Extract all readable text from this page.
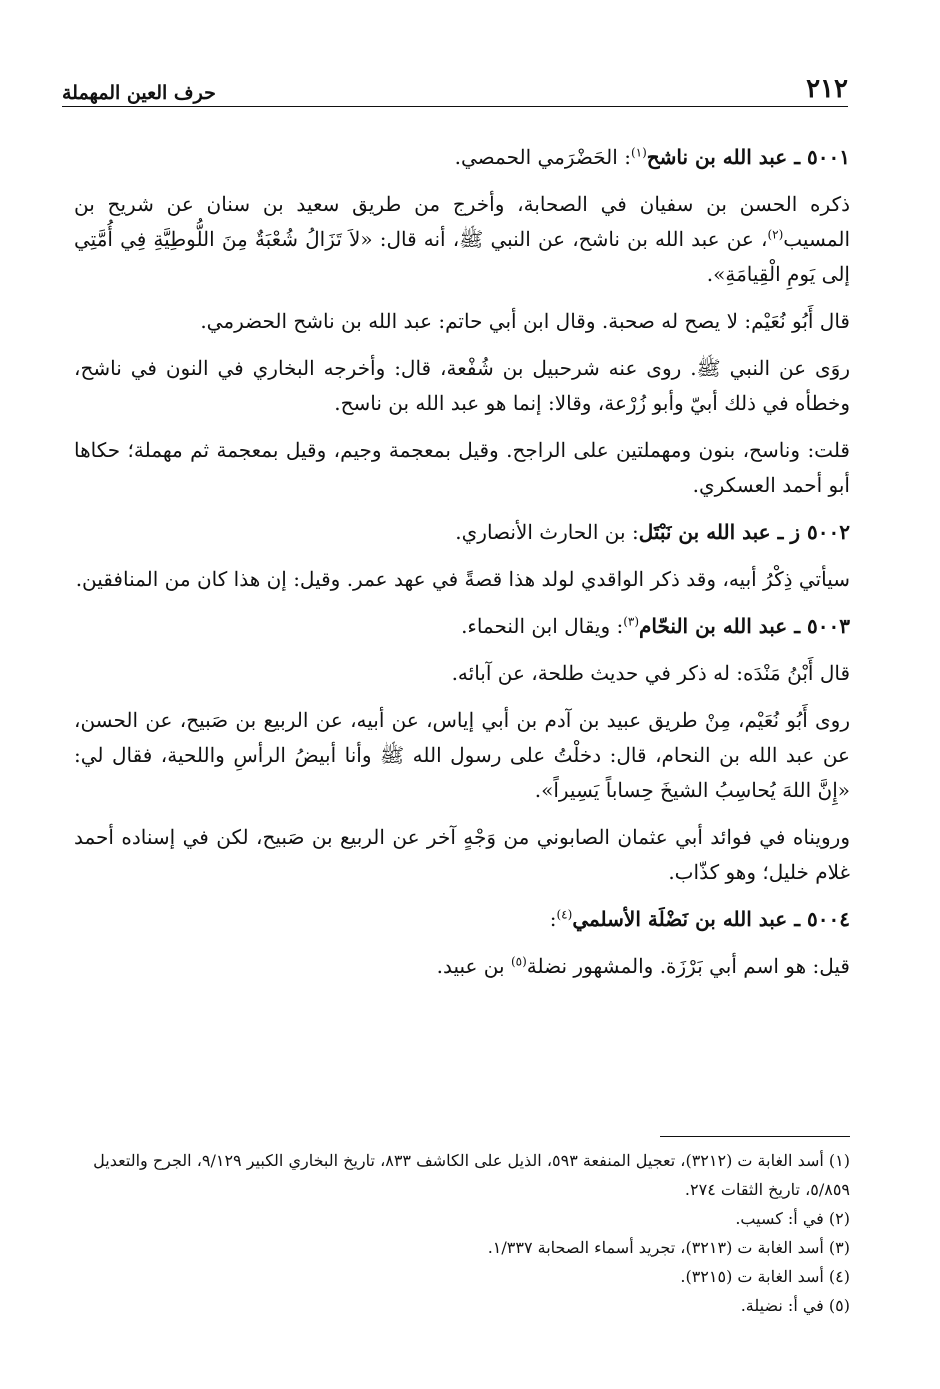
٢١٢
حرف العين المهملة

٥٠٠١ ـ عبد الله بن ناشح$^{(١)}$: الحَضْرَمي الحمصي.

ذكره الحسن بن سفيان في الصحابة، وأخرج من طريق سعيد بن سنان عن شريح بن المسيب$^{(٢)}$، عن عبد الله بن ناشح، عن النبي ﷺ، أنه قال: «لاَ تَزَالُ شُعْبَةٌ مِنَ اللُّوطِيَّةِ فِي أُمَّتِي إلى يَومِ الْقِيامَةِ».

قال أَبُو نُعَيْم: لا يصح له صحبة. وقال ابن أبي حاتم: عبد الله بن ناشح الحضرمي.

روَى عن النبي ﷺ. روى عنه شرحبيل بن شُفْعة، قال: وأخرجه البخاري في النون في ناشح، وخطأه في ذلك أبيّ وأبو زُرْعة، وقالا: إنما هو عبد الله بن ناسح.

قلت: وناسح، بنون ومهملتين على الراجح. وقيل بمعجمة وجيم، وقيل بمعجمة ثم مهملة؛ حكاها أبو أحمد العسكري.

٥٠٠٢ ز ـ عبد الله بن نَبْتَل: بن الحارث الأنصاري.

سيأتي ذِكْرُ أبيه، وقد ذكر الواقدي لولد هذا قصةً في عهد عمر. وقيل: إن هذا كان من المنافقين.

٥٠٠٣ ـ عبد الله بن النحّام$^{(٣)}$: ويقال ابن النحماء.

قال أَبْنُ مَنْدَه: له ذكر في حديث طلحة، عن آبائه.

روى أَبُو نُعَيْم، مِنْ طريق عبيد بن آدم بن أبي إياس، عن أبيه، عن الربيع بن صَبيح، عن الحسن، عن عبد الله بن النحام، قال: دخلْتُ على رسول الله ﷺ وأنا أبيضُ الرأسِ واللحية، فقال لي: «إِنَّ اللهَ يُحاسِبُ الشيخَ حِساباً يَسِيراً».

ورويناه في فوائد أبي عثمان الصابوني من وَجْهٍ آخر عن الربيع بن صَبيح، لكن في إسناده أحمد غلام خليل؛ وهو كذّاب.

٥٠٠٤ ـ عبد الله بن نَضْلَة الأسلمي$^{(٤)}$:

قيل: هو اسم أبي بَرْزَة. والمشهور نضلة$^{(٥)}$ بن عبيد.

(١) أسد الغابة ت (٣٢١٢)، تعجيل المنفعة ٥٩٣، الذيل على الكاشف ٨٣٣، تاريخ البخاري الكبير ٩/١٢٩، الجرح والتعديل ٥/٨٥٩، تاريخ الثقات ٢٧٤.

(٢) في أ: كسيب.

(٣) أسد الغابة ت (٣٢١٣)، تجريد أسماء الصحابة ١/٣٣٧.

(٤) أسد الغابة ت (٣٢١٥).

(٥) في أ: نضيلة.
